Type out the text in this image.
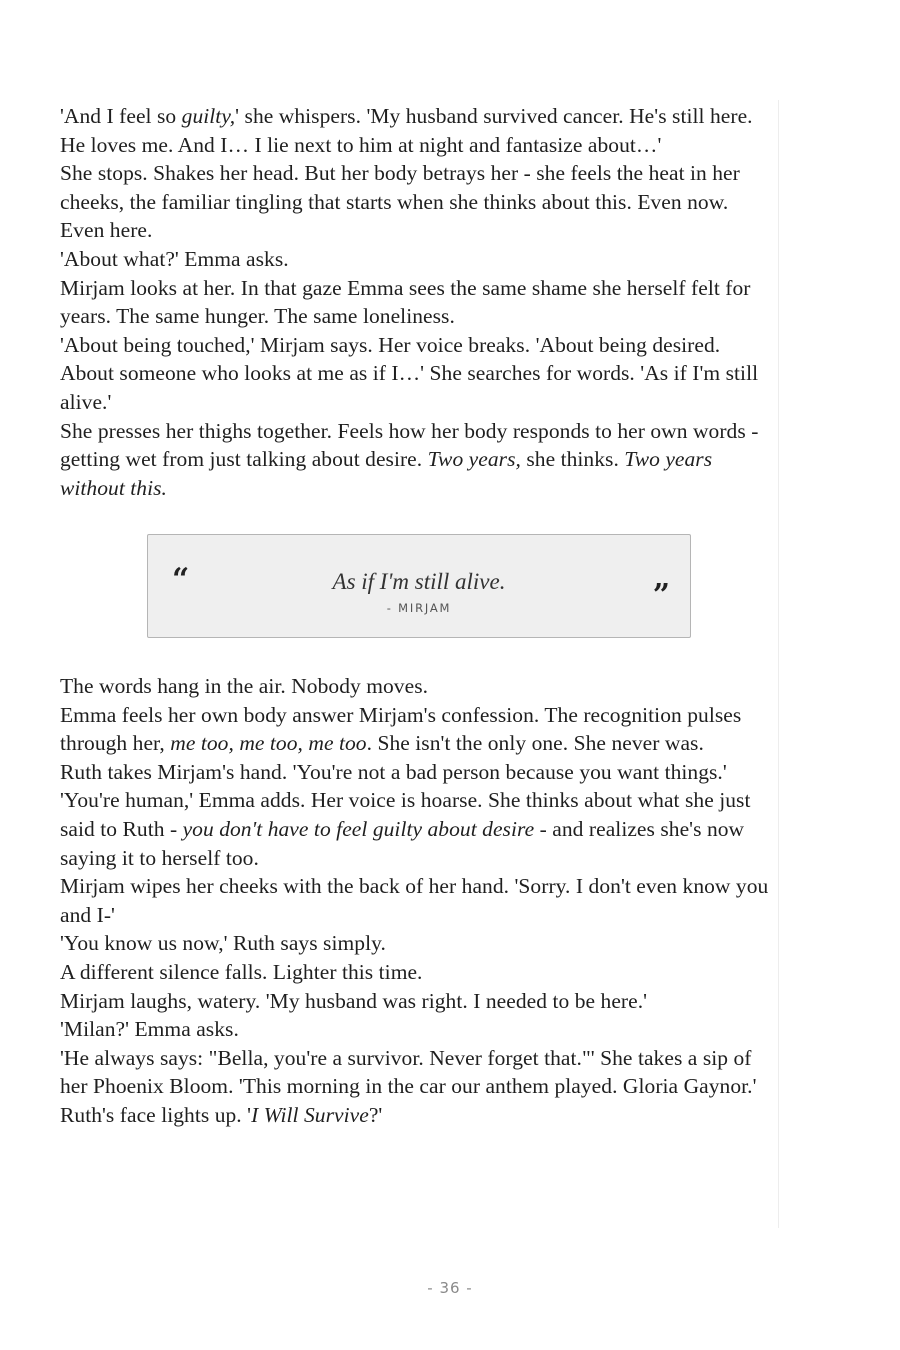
'And I feel so guilty,' she whispers. 'My husband survived cancer. He's still here. He loves me. And I… I lie next to him at night and fantasize about…'

She stops. Shakes her head. But her body betrays her - she feels the heat in her cheeks, the familiar tingling that starts when she thinks about this. Even now. Even here.

'About what?' Emma asks.

Mirjam looks at her. In that gaze Emma sees the same shame she herself felt for years. The same hunger. The same loneliness.

'About being touched,' Mirjam says. Her voice breaks. 'About being desired. About someone who looks at me as if I…' She searches for words. 'As if I'm still alive.'

She presses her thighs together. Feels how her body responds to her own words - getting wet from just talking about desire. Two years, she thinks. Two years without this.

“	As if I'm still alive.
- MIRJAM	”

The words hang in the air. Nobody moves.

Emma feels her own body answer Mirjam's confession. The recognition pulses through her, me too, me too, me too. She isn't the only one. She never was.

Ruth takes Mirjam's hand. 'You're not a bad person because you want things.'

'You're human,' Emma adds. Her voice is hoarse. She thinks about what she just said to Ruth - you don't have to feel guilty about desire - and realizes she's now saying it to herself too.

Mirjam wipes her cheeks with the back of her hand. 'Sorry. I don't even know you and I-'

'You know us now,' Ruth says simply.

A different silence falls. Lighter this time.

Mirjam laughs, watery. 'My husband was right. I needed to be here.'

'Milan?' Emma asks.

'He always says: "Bella, you're a survivor. Never forget that."' She takes a sip of her Phoenix Bloom. 'This morning in the car our anthem played. Gloria Gaynor.'

Ruth's face lights up. 'I Will Survive?'

- 36 -
